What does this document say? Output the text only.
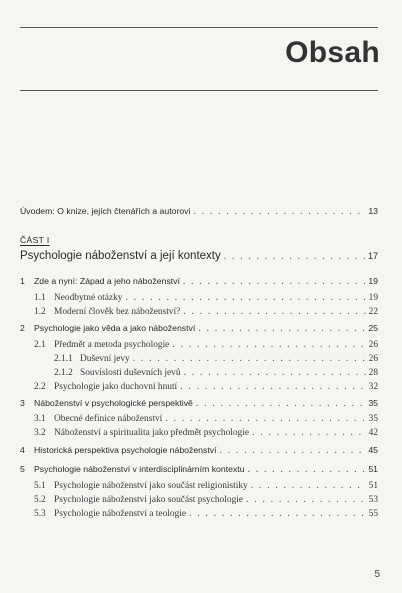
Obsah
Úvodem: O knize, jejích čtenářích a autorovi . . .	13
ČÁST I
Psychologie náboženství a její kontexty . . .	17
1	Zde a nyní: Západ a jeho náboženství . . .	19
1.1 Neodbytné otázky . . .	19
1.2 Moderní člověk bez náboženství? . . .	22
2	Psychologie jako věda a jako náboženství . . .	25
2.1 Předmět a metoda psychologie . . .	26
2.1.1 Duševní jevy . . .	26
2.1.2 Souvislosti duševních jevů . . .	28
2.2 Psychologie jako duchovní hnutí . . .	32
3	Náboženství v psychologické perspektivě . . .	35
3.1 Obecné definice náboženství . . .	35
3.2 Náboženství a spiritualita jako předmět psychologie . . .	42
4	Historická perspektiva psychologie náboženství . . .	45
5	Psychologie náboženství v interdisciplinárním kontextu . . .	51
5.1 Psychologie náboženství jako součást religionistiky . . .	51
5.2 Psychologie náboženství jako součást psychologie . . .	53
5.3 Psychologie náboženství a teologie . . .	55
5
